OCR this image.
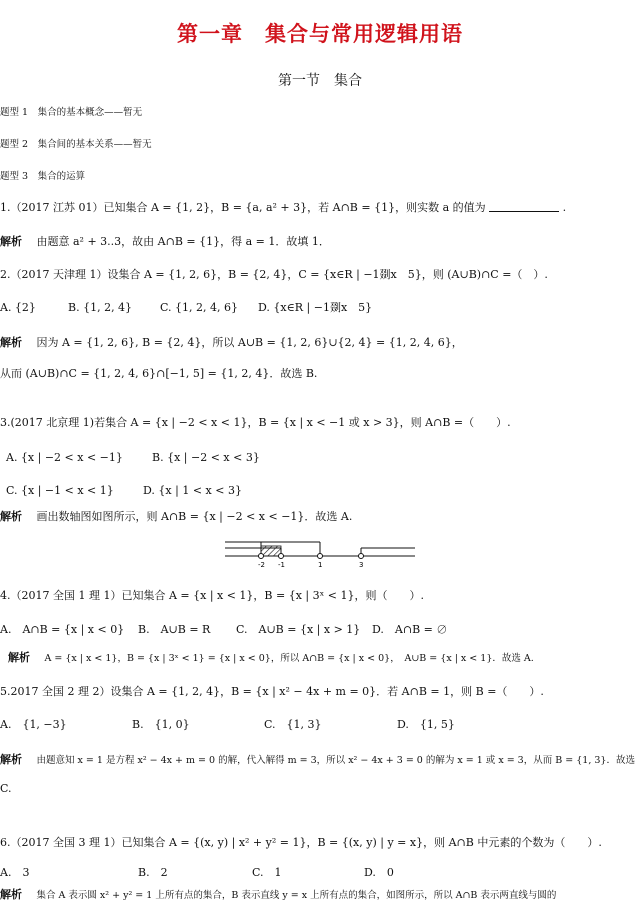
第一章　集合与常用逻辑用语
第一节　集合
题型 1　集合的基本概念——暂无
题型 2　集合间的基本关系——暂无
题型 3　集合的运算
1.（2017 江苏 01）已知集合 A = {1, 2}，B = {a, a² + 3}，若 A∩B = {1}，则实数 a 的值为	.
解析　 由题意 a² + 3..3，故由 A∩B = {1}，得 a = 1．故填 1．
2.（2017 天津理 1）设集合 A = {1, 2, 6}，B = {2, 4}，C = {x∈R | −1剟x　5}，则 (A∪B)∩C =（　）.
A. {2}	B. {1, 2, 4}	C. {1, 2, 4, 6} D. {x∈R | −1剟x　5}
解析　 因为 A = {1, 2, 6}, B = {2, 4}，所以 A∪B = {1, 2, 6}∪{2, 4} = {1, 2, 4, 6}，
从而 (A∪B)∩C = {1, 2, 4, 6}∩[−1, 5] = {1, 2, 4}．故选 B.
3.(2017 北京理 1)若集合 A = {x | −2 < x < 1}，B = {x | x < −1 或 x > 3}，则 A∩B =（　　）.
A. {x | −2 < x < −1}	B. {x | −2 < x < 3}
C. {x | −1 < x < 1}	D. {x | 1 < x < 3}
解析　 画出数轴图如图所示，则 A∩B = {x | −2 < x < −1}．故选 A.
-2 -1	1	3
4.（2017 全国 1 理 1）已知集合 A = {x | x < 1}，B = {x | 3ˣ < 1}，则（　　）.
A.　A∩B = {x | x < 0} B.　A∪B = R C.　A∪B = {x | x > 1} D.　A∩B = ∅
解析　 A = {x | x < 1}，B = {x | 3ˣ < 1} = {x | x < 0}，所以 A∩B = {x | x < 0}，　A∪B = {x | x < 1}．故选 A.
5.2017 全国 2 理 2）设集合 A = {1, 2, 4}，B = {x | x² − 4x + m = 0}．若 A∩B = 1，则 B =（　　）.
A.　{1, −3}	B.　{1, 0}	C.　{1, 3}	D.　{1, 5}
解析　 由题意知 x = 1 是方程 x² − 4x + m = 0 的解，代入解得 m = 3，所以 x² − 4x + 3 = 0 的解为 x = 1 或 x = 3，从而 B = {1, 3}．故选
C.
6.（2017 全国 3 理 1）已知集合 A = {(x, y) | x² + y² = 1}，B = {(x, y) | y = x}，则 A∩B 中元素的个数为（　　）.
A.　3	B.　2	C.　1	D.　0
解析　 集合 A 表示圆 x² + y² = 1 上所有点的集合，B 表示直线 y = x 上所有点的集合，如图所示，所以 A∩B 表示两直线与圆的
